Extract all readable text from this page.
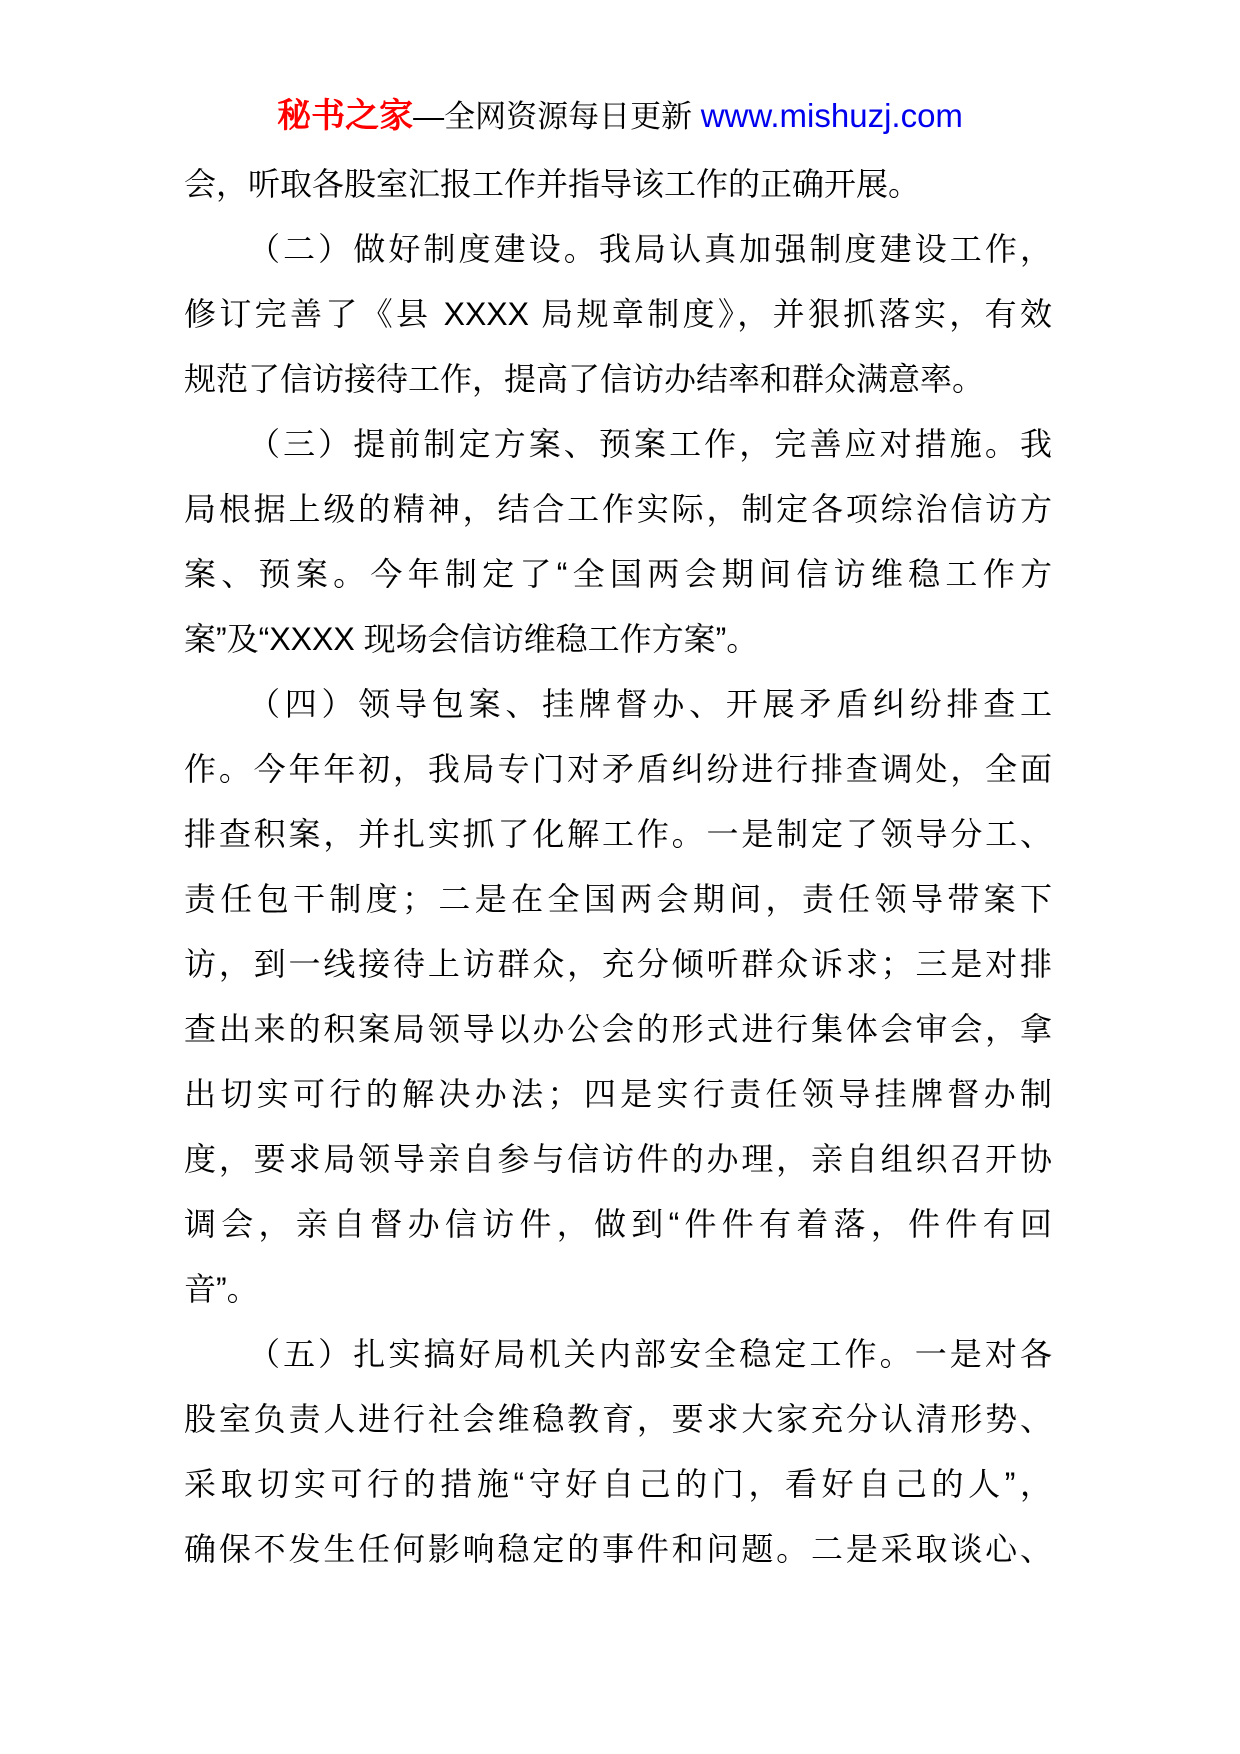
秘书之家—全网资源每日更新 www.mishuzj.com
会，听取各股室汇报工作并指导该工作的正确开展。
（二）做好制度建设。我局认真加强制度建设工作，
修订完善了《县 XXXX 局规章制度》，并狠抓落实，有效
规范了信访接待工作，提高了信访办结率和群众满意率。
（三）提前制定方案、预案工作，完善应对措施。我
局根据上级的精神，结合工作实际，制定各项综治信访方
案、预案。今年制定了“全国两会期间信访维稳工作方
案”及“XXXX 现场会信访维稳工作方案”。
（四）领导包案、挂牌督办、开展矛盾纠纷排查工
作。今年年初，我局专门对矛盾纠纷进行排查调处，全面
排查积案，并扎实抓了化解工作。一是制定了领导分工、
责任包干制度；二是在全国两会期间，责任领导带案下
访，到一线接待上访群众，充分倾听群众诉求；三是对排
查出来的积案局领导以办公会的形式进行集体会审会，拿
出切实可行的解决办法；四是实行责任领导挂牌督办制
度，要求局领导亲自参与信访件的办理，亲自组织召开协
调会，亲自督办信访件，做到“件件有着落，件件有回
音”。
（五）扎实搞好局机关内部安全稳定工作。一是对各
股室负责人进行社会维稳教育，要求大家充分认清形势、
采取切实可行的措施“守好自己的门，看好自己的人”，
确保不发生任何影响稳定的事件和问题。二是采取谈心、
